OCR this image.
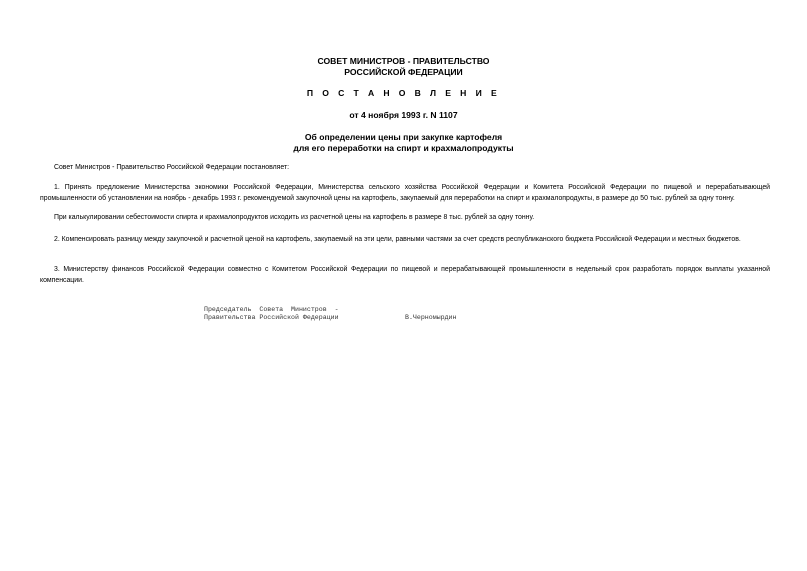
СОВЕТ МИНИСТРОВ - ПРАВИТЕЛЬСТВО
РОССИЙСКОЙ ФЕДЕРАЦИИ
П О С Т А Н О В Л Е Н И Е
от 4 ноября 1993 г. N 1107
Об определении цены при закупке картофеля
для его переработки на спирт и крахмалопродукты
Совет Министров - Правительство Российской Федерации постановляет:
1. Принять предложение Министерства экономики Российской Федерации, Министерства сельского хозяйства Российской Федерации и Комитета Российской Федерации по пищевой и перерабатывающей промышленности об установлении на ноябрь - декабрь 1993 г. рекомендуемой закупочной цены на картофель, закупаемый для переработки на спирт и крахмалопродукты, в размере до 50 тыс. рублей за одну тонну.
При калькулировании себестоимости спирта и крахмалопродуктов исходить из расчетной цены на картофель в размере 8 тыс. рублей за одну тонну.
2. Компенсировать разницу между закупочной и расчетной ценой на картофель, закупаемый на эти цели, равными частями за счет средств республиканского бюджета Российской Федерации и местных бюджетов.
3. Министерству финансов Российской Федерации совместно с Комитетом Российской Федерации по пищевой и перерабатывающей промышленности в недельный срок разработать порядок выплаты указанной компенсации.
Председатель  Совета  Министров  -
Правительства Российской Федерации	В.Черномырдин
